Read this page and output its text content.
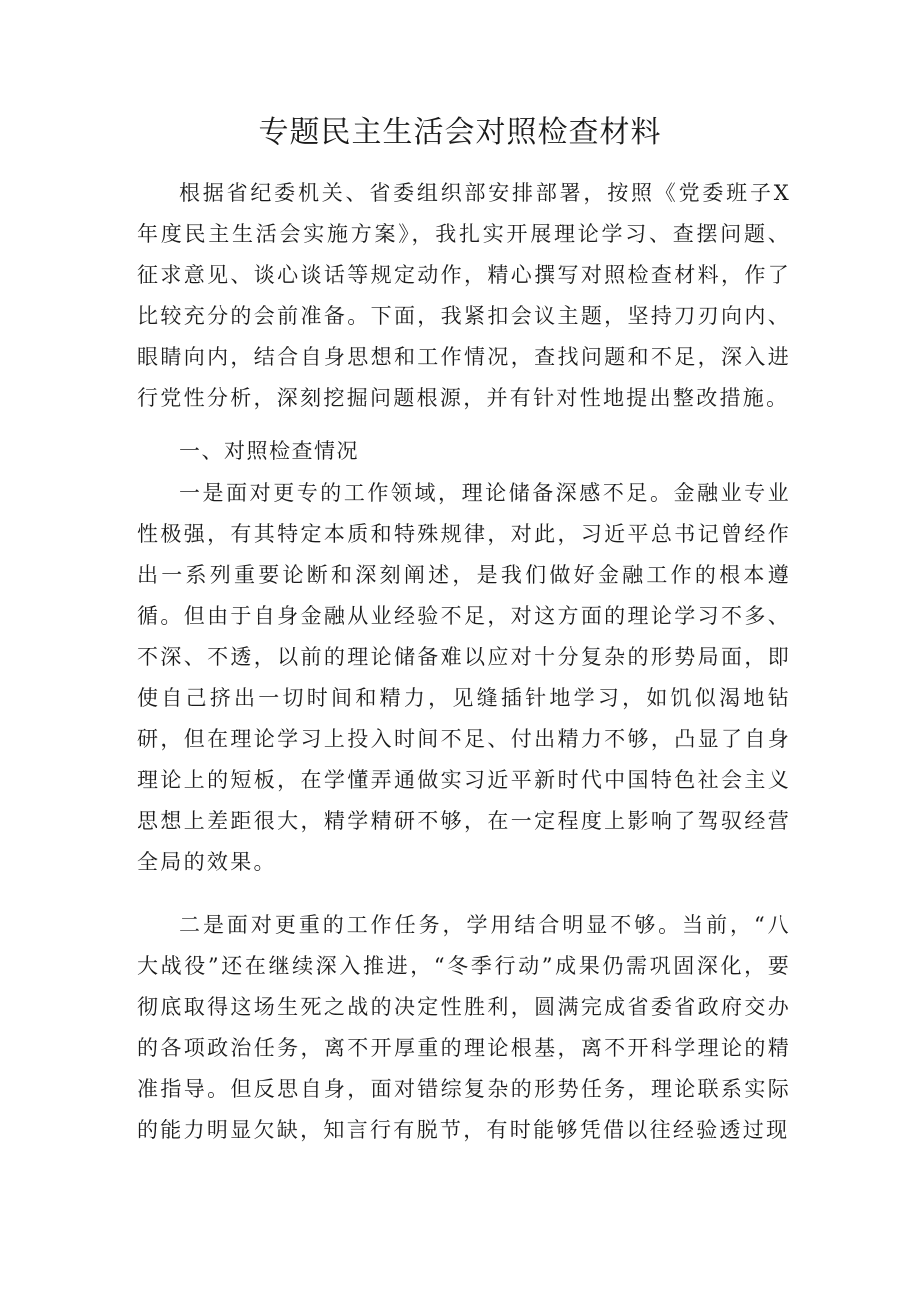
专题民主生活会对照检查材料

根据省纪委机关、省委组织部安排部署，按照《党委班子X年度民主生活会实施方案》，我扎实开展理论学习、查摆问题、征求意见、谈心谈话等规定动作，精心撰写对照检查材料，作了比较充分的会前准备。下面，我紧扣会议主题，坚持刀刃向内、眼睛向内，结合自身思想和工作情况，查找问题和不足，深入进行党性分析，深刻挖掘问题根源，并有针对性地提出整改措施。

一、对照检查情况

一是面对更专的工作领域，理论储备深感不足。金融业专业性极强，有其特定本质和特殊规律，对此，习近平总书记曾经作出一系列重要论断和深刻阐述，是我们做好金融工作的根本遵循。但由于自身金融从业经验不足，对这方面的理论学习不多、不深、不透，以前的理论储备难以应对十分复杂的形势局面，即使自己挤出一切时间和精力，见缝插针地学习，如饥似渴地钻研，但在理论学习上投入时间不足、付出精力不够，凸显了自身理论上的短板，在学懂弄通做实习近平新时代中国特色社会主义思想上差距很大，精学精研不够，在一定程度上影响了驾驭经营全局的效果。

二是面对更重的工作任务，学用结合明显不够。当前，“八大战役”还在继续深入推进，“冬季行动”成果仍需巩固深化，要彻底取得这场生死之战的决定性胜利，圆满完成省委省政府交办的各项政治任务，离不开厚重的理论根基，离不开科学理论的精准指导。但反思自身，面对错综复杂的形势任务，理论联系实际的能力明显欠缺，知言行有脱节，有时能够凭借以往经验透过现
